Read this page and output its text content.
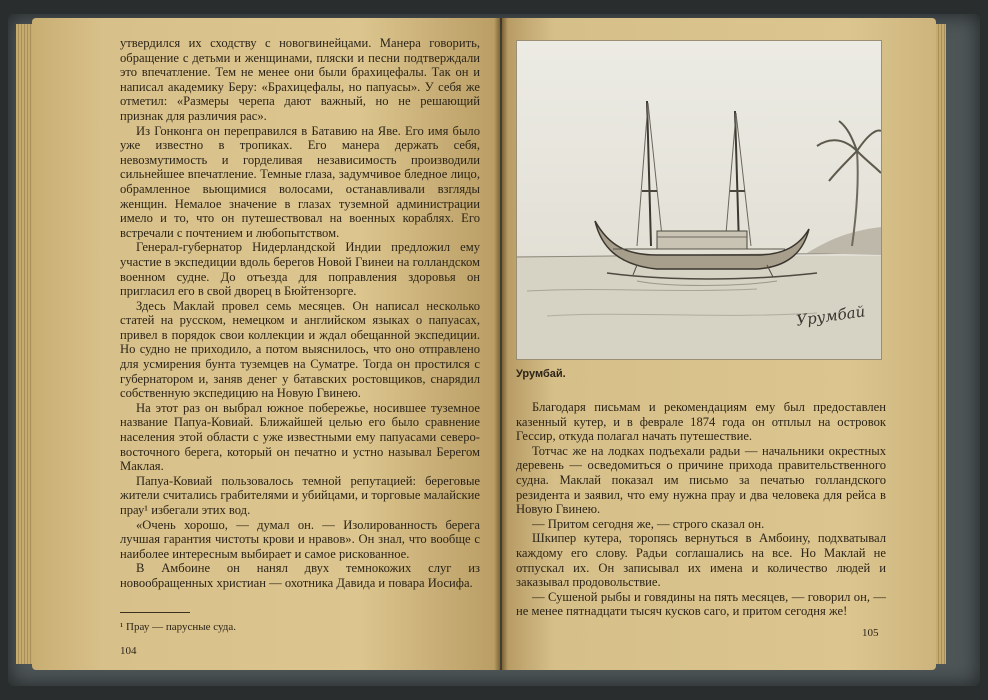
утвердился их сходству с новогвинейцами. Манера говорить, обращение с детьми и женщинами, пляски и песни подтверждали это впечатление. Тем не менее они были брахицефалы. Так он и написал академику Беру: «Брахицефалы, но папуасы». У себя же отметил: «Размеры черепа дают важный, но не решающий признак для различия рас».

Из Гонконга он переправился в Батавию на Яве. Его имя было уже известно в тропиках. Его манера держать себя, невозмутимость и горделивая независимость производили сильнейшее впечатление. Темные глаза, задумчивое бледное лицо, обрамленное вьющимися волосами, останавливали взгляды женщин. Немалое значение в глазах туземной администрации имело и то, что он путешествовал на военных кораблях. Его встречали с почтением и любопытством.

Генерал-губернатор Нидерландской Индии предложил ему участие в экспедиции вдоль берегов Новой Гвинеи на голландском военном судне. До отъезда для поправления здоровья он пригласил его в свой дворец в Бюйтензорге.

Здесь Маклай провел семь месяцев. Он написал несколько статей на русском, немецком и английском языках о папуасах, привел в порядок свои коллекции и ждал обещанной экспедиции. Но судно не приходило, а потом выяснилось, что оно отправлено для усмирения бунта туземцев на Суматре. Тогда он простился с губернатором и, заняв денег у батавских ростовщиков, снарядил собственную экспедицию на Новую Гвинею.

На этот раз он выбрал южное побережье, носившее туземное название Папуа-Ковиай. Ближайшей целью его было сравнение населения этой области с уже известными ему папуасами северо-восточного берега, который он печатно и устно называл Берегом Маклая.

Папуа-Ковиай пользовалось темной репутацией: береговые жители считались грабителями и убийцами, и торговые малайские прау¹ избегали этих вод.

«Очень хорошо, — думал он. — Изолированность берега лучшая гарантия чистоты крови и нравов». Он знал, что вообще с наиболее интересным выбирает и самое рискованное.

В Амбоине он нанял двух темнокожих слуг из новообращенных христиан — охотника Давида и повара Иосифа.

¹ Прау — парусные суда.
104
Урумбай
Урумбай.

Благодаря письмам и рекомендациям ему был предоставлен казенный кутер, и в феврале 1874 года он отплыл на островок Гессир, откуда полагал начать путешествие.

Тотчас же на лодках подъехали радьи — начальники окрестных деревень — осведомиться о причине прихода правительственного судна. Маклай показал им письмо за печатью голландского резидента и заявил, что ему нужна прау и два человека для рейса в Новую Гвинею.

— Притом сегодня же, — строго сказал он.

Шкипер кутера, торопясь вернуться в Амбоину, подхватывал каждому его слову. Радьи соглашались на все. Но Маклай не отпускал их. Он записывал их имена и количество людей и заказывал продовольствие.

— Сушеной рыбы и говядины на пять месяцев, — говорил он, — не менее пятнадцати тысяч кусков саго, и притом сегодня же!

105
